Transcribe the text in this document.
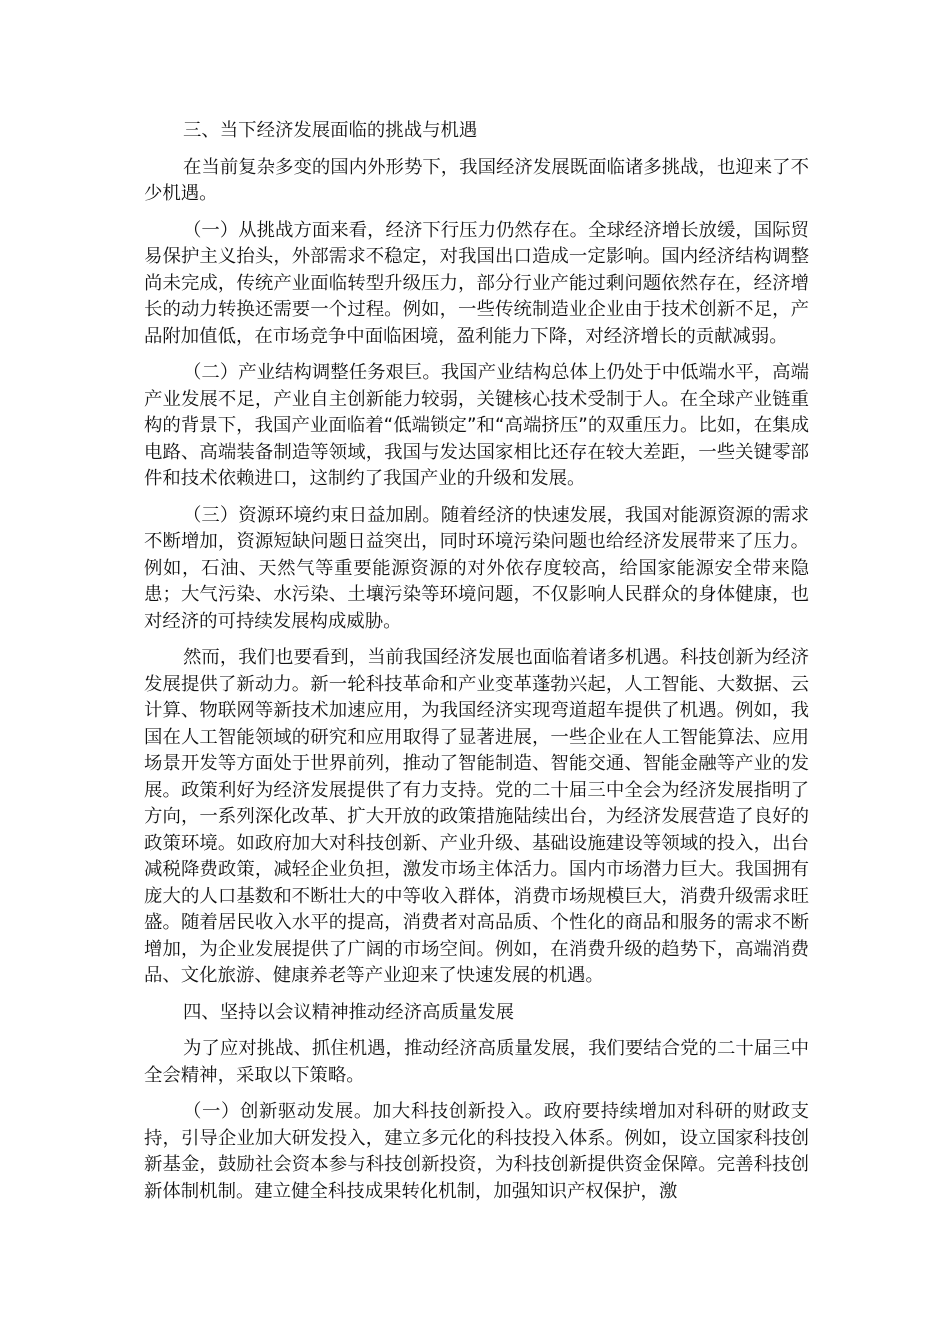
三、当下经济发展面临的挑战与机遇

在当前复杂多变的国内外形势下，我国经济发展既面临诸多挑战，也迎来了不少机遇。

（一）从挑战方面来看，经济下行压力仍然存在。全球经济增长放缓，国际贸易保护主义抬头，外部需求不稳定，对我国出口造成一定影响。国内经济结构调整尚未完成，传统产业面临转型升级压力，部分行业产能过剩问题依然存在，经济增长的动力转换还需要一个过程。例如，一些传统制造业企业由于技术创新不足，产品附加值低，在市场竞争中面临困境，盈利能力下降，对经济增长的贡献减弱。

（二）产业结构调整任务艰巨。我国产业结构总体上仍处于中低端水平，高端产业发展不足，产业自主创新能力较弱，关键核心技术受制于人。在全球产业链重构的背景下，我国产业面临着“低端锁定”和“高端挤压”的双重压力。比如，在集成电路、高端装备制造等领域，我国与发达国家相比还存在较大差距，一些关键零部件和技术依赖进口，这制约了我国产业的升级和发展。

（三）资源环境约束日益加剧。随着经济的快速发展，我国对能源资源的需求不断增加，资源短缺问题日益突出，同时环境污染问题也给经济发展带来了压力。例如，石油、天然气等重要能源资源的对外依存度较高，给国家能源安全带来隐患；大气污染、水污染、土壤污染等环境问题，不仅影响人民群众的身体健康，也对经济的可持续发展构成威胁。

然而，我们也要看到，当前我国经济发展也面临着诸多机遇。科技创新为经济发展提供了新动力。新一轮科技革命和产业变革蓬勃兴起，人工智能、大数据、云计算、物联网等新技术加速应用，为我国经济实现弯道超车提供了机遇。例如，我国在人工智能领域的研究和应用取得了显著进展，一些企业在人工智能算法、应用场景开发等方面处于世界前列，推动了智能制造、智能交通、智能金融等产业的发展。政策利好为经济发展提供了有力支持。党的二十届三中全会为经济发展指明了方向，一系列深化改革、扩大开放的政策措施陆续出台，为经济发展营造了良好的政策环境。如政府加大对科技创新、产业升级、基础设施建设等领域的投入，出台减税降费政策，减轻企业负担，激发市场主体活力。国内市场潜力巨大。我国拥有庞大的人口基数和不断壮大的中等收入群体，消费市场规模巨大，消费升级需求旺盛。随着居民收入水平的提高，消费者对高品质、个性化的商品和服务的需求不断增加，为企业发展提供了广阔的市场空间。例如，在消费升级的趋势下，高端消费品、文化旅游、健康养老等产业迎来了快速发展的机遇。

四、坚持以会议精神推动经济高质量发展

为了应对挑战、抓住机遇，推动经济高质量发展，我们要结合党的二十届三中全会精神，采取以下策略。

（一）创新驱动发展。加大科技创新投入。政府要持续增加对科研的财政支持，引导企业加大研发投入，建立多元化的科技投入体系。例如，设立国家科技创新基金，鼓励社会资本参与科技创新投资，为科技创新提供资金保障。完善科技创新体制机制。建立健全科技成果转化机制，加强知识产权保护，激
